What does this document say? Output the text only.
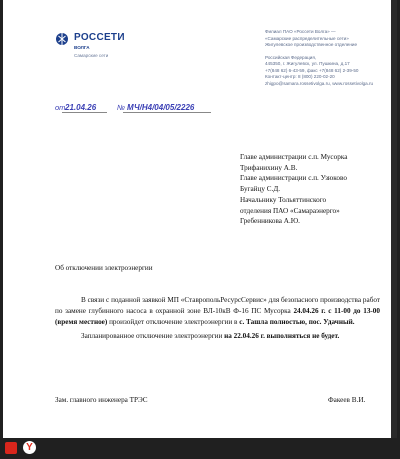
РОССЕТИ
ВОЛГА
Самарские сети
Филиал ПАО «Россети Волга» —
«Самарские распределительные сети»
Жигулевское производственное отделение
Российская Федерация,
445350, г. Жигулевск, ул. Пушкина, д.17
+7(848 62) 6-43-59, факс +7(848 62) 2-39-50
Контакт-центр: 8 (800) 220-02-20
zhigpo@samara.rossetivolga.ru, www.rossetivolga.ru
от 21.04.26	№ МЧ/Н4/04/05/2226
Главе администрации с.п. Мусорка
Трифанихину А.В.
Главе администрации с.п. Узюково
Бугайцу С.Д.
Начальнику Тольяттинского
отделения ПАО «Самараэнерго»
Гребенникова А.Ю.
Об отключении электроэнергии

В связи с поданной заявкой МП «СтавропольРесурсСервис» для безопасного производства работ по замене глубинного насоса в охранной зоне ВЛ-10кВ Ф-16 ПС Мусорка 24.04.26 г. с 11-00 до 13-00 (время местное) произойдет отключение электроэнергии в с. Ташла полностью, пос. Удачный.

Запланированное отключение электроэнергии на 22.04.26 г. выполняться не будет.

Зам. главного инженера ТРЭС	Факеев В.И.
Y
